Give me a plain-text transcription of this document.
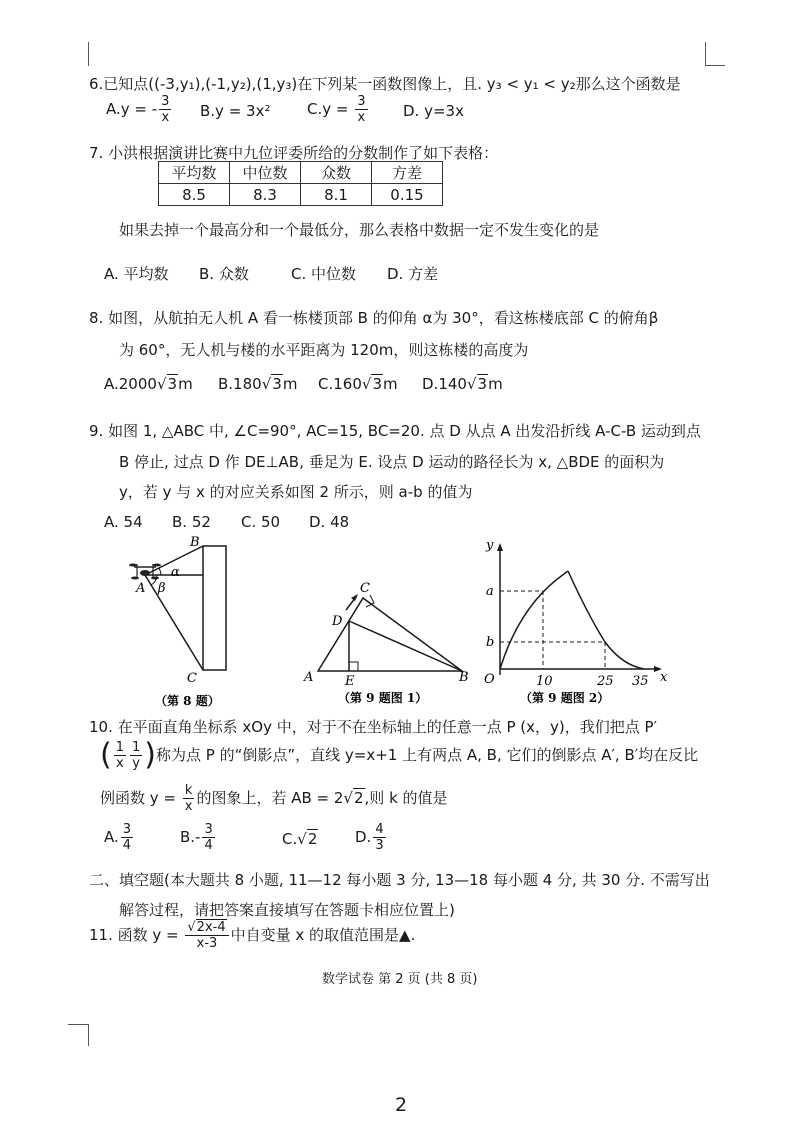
6.已知点((-3,y₁),(-1,y₂),(1,y₃)在下列某一函数图像上，且. y₃ < y₁ < y₂那么这个函数是
A.y = - $\frac{3}{x} B.y = 3x^2$ $C.y = \frac{3}{x} D$. y=3x
7. 小洪根据演讲比赛中九位评委所给的分数制作了如下表格：
平均数	中位数	众数	方差
8.5	8.3	8.1	0.15
如果去掉一个最高分和一个最低分，那么表格中数据一定不发生变化的是
A. 平均数 B. 众数	C. 中位数 D. 方差
8. 如图，从航拍无人机 A 看一栋楼顶部 B 的仰角 α为 30°，看这栋楼底部 C 的俯角β
为 60°，无人机与楼的水平距离为 120m，则这栋楼的高度为
A.2000√3m B.180√3m C.160√3m D.140√3m
9. 如图 1, △ABC 中, ∠C=90°, AC=15, BC=20. 点 D 从点 A 出发沿折线 A-C-B 运动到点
B 停止, 过点 D 作 DE⊥AB, 垂足为 E. 设点 D 运动的路径长为 x, △BDE 的面积为
y，若 y 与 x 的对应关系如图 2 所示，则 a-b 的值为
A. 54 B. 52 C. 50 D. 48
B
α
A β
C
（第 8 题）
C
D
A E	B
（第 9 题图 1）
y
a
b
O	10	25 35 x
（第 9 题图 2）
10. 在平面直角坐标系 xOy 中，对于不在坐标轴上的任意一点 P (x，y)，我们把点 P′
( $\frac{1}{x} \frac{1}{y}$ )称为点 P 的“倒影点”，直线 y=x+1 上有两点 A, B, 它们的倒影点 A′, B′均在反比
例函数 $y = \frac{k}{x}$ 的图象上，若 AB = 2√2,则 k 的值是
A. $\frac{3}{4}$	$B.- \frac{3}{4}$	C.√2	D. $\frac{4}{3}$
二、填空题(本大题共 8 小题, 11—12 每小题 3 分, 13—18 每小题 4 分, 共 30 分. 不需写出
解答过程，请把答案直接填写在答题卡相应位置上)
11. 函数 $y = \frac{√2x-4}{x-3}$ 中自变量 x 的取值范围是▲.
数学试卷 第 2 页 (共 8 页)
2
